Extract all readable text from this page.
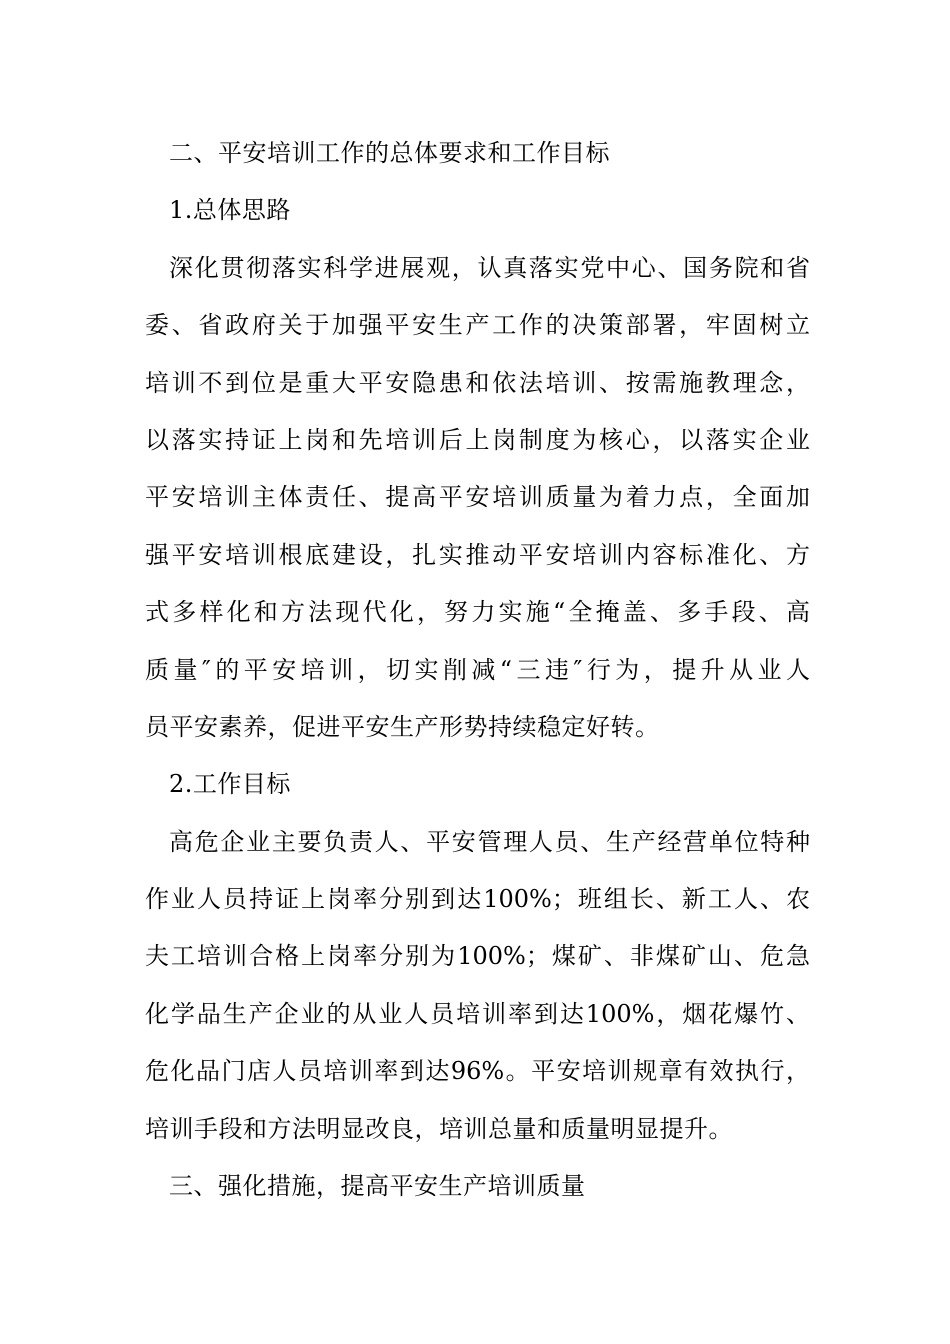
二、平安培训工作的总体要求和工作目标
1.总体思路
深化贯彻落实科学进展观，认真落实党中心、国务院和省
委、省政府关于加强平安生产工作的决策部署，牢固树立
培训不到位是重大平安隐患和依法培训、按需施教理念，
以落实持证上岗和先培训后上岗制度为核心，以落实企业
平安培训主体责任、提高平安培训质量为着力点，全面加
强平安培训根底建设，扎实推动平安培训内容标准化、方
式多样化和方法现代化，努力实施“全掩盖、多手段、高
质量″的平安培训，切实削减“三违″行为，提升从业人
员平安素养，促进平安生产形势持续稳定好转。
2.工作目标
高危企业主要负责人、平安管理人员、生产经营单位特种
作业人员持证上岗率分别到达100%；班组长、新工人、农
夫工培训合格上岗率分别为100%；煤矿、非煤矿山、危急
化学品生产企业的从业人员培训率到达100%，烟花爆竹、
危化品门店人员培训率到达96%。平安培训规章有效执行，
培训手段和方法明显改良，培训总量和质量明显提升。
三、强化措施，提高平安生产培训质量
